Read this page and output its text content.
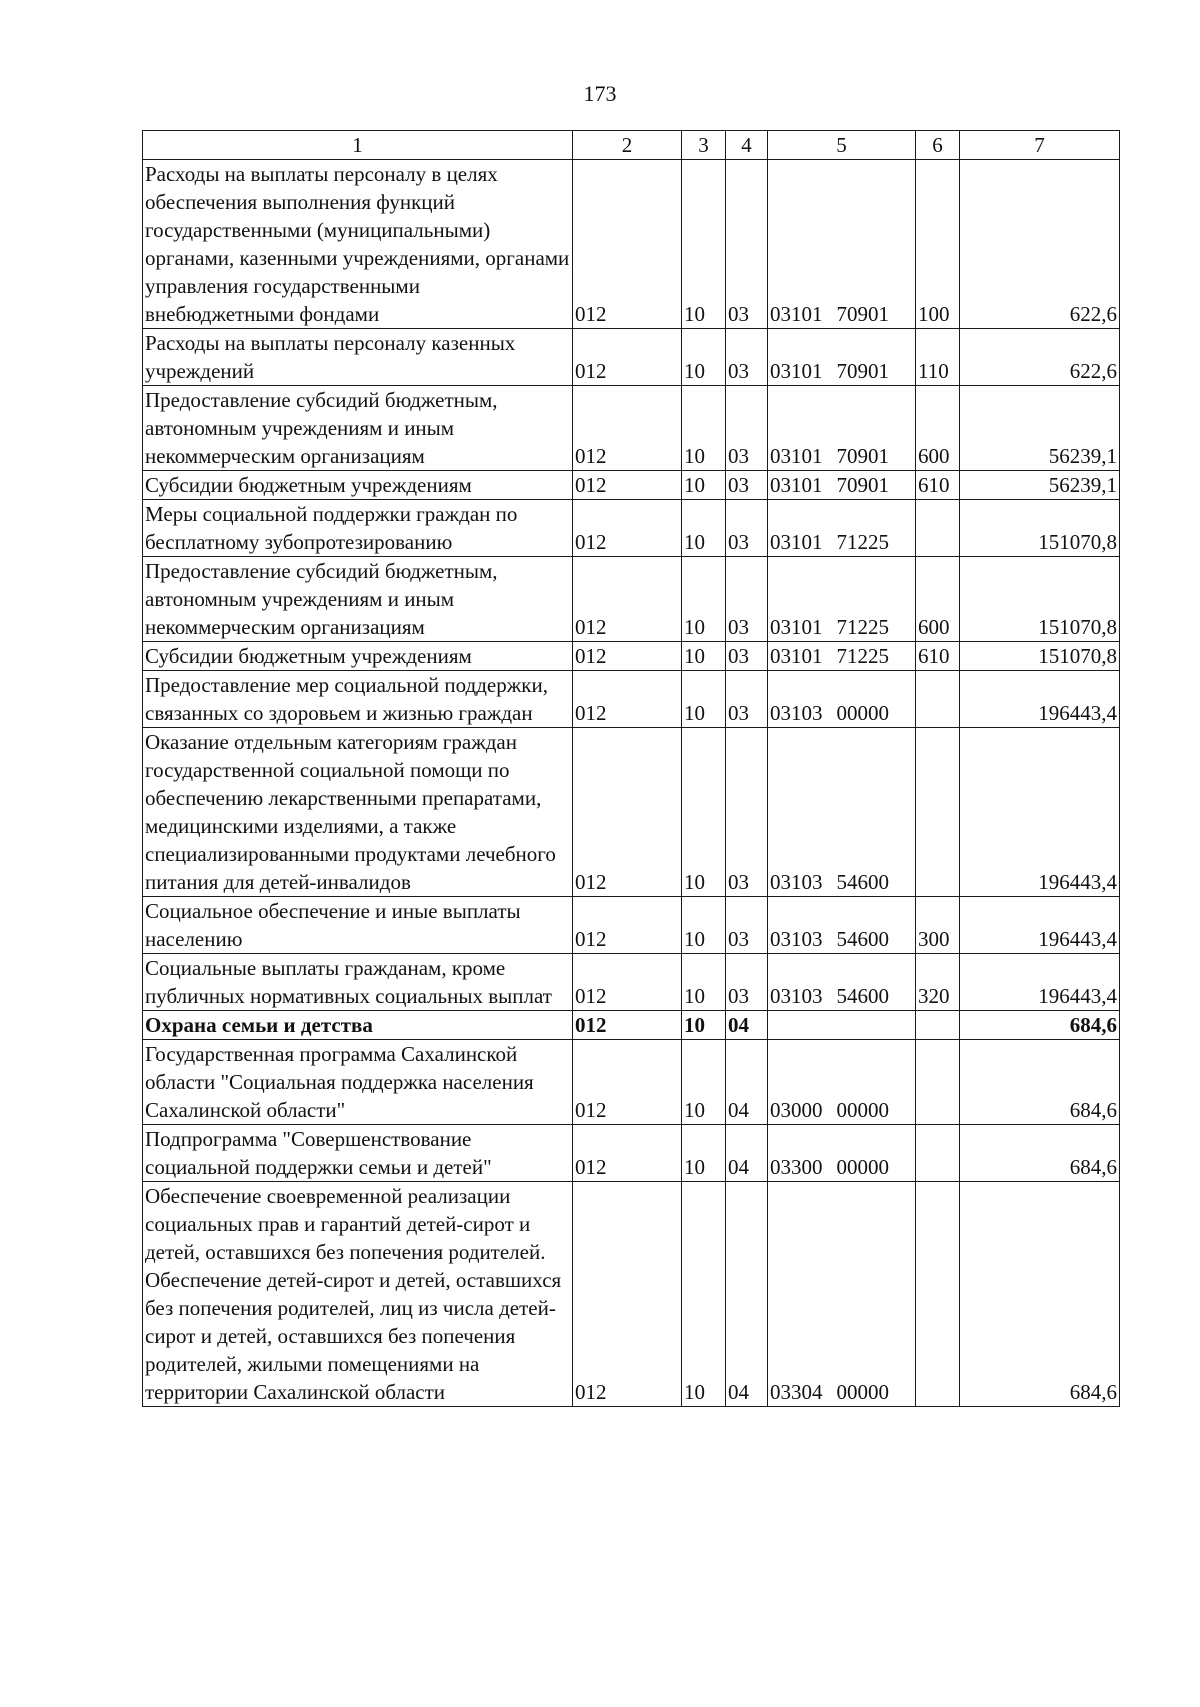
173
1	2	3	4	5	6	7
Расходы на выплаты персоналу в целях обеспечения выполнения функций государственными (муниципальными) органами, казенными учреждениями, органами управления государственными внебюджетными фондами	012	10	03	03101 70901	100	622,6
Расходы на выплаты персоналу казенных учреждений	012	10	03	03101 70901	110	622,6
Предоставление субсидий бюджетным, автономным учреждениям и иным некоммерческим организациям	012	10	03	03101 70901	600	56239,1
Субсидии бюджетным учреждениям	012	10	03	03101 70901	610	56239,1
Меры социальной поддержки граждан по бесплатному зубопротезированию	012	10	03	03101 71225		151070,8
Предоставление субсидий бюджетным, автономным учреждениям и иным некоммерческим организациям	012	10	03	03101 71225	600	151070,8
Субсидии бюджетным учреждениям	012	10	03	03101 71225	610	151070,8
Предоставление мер социальной поддержки, связанных со здоровьем и жизнью граждан	012	10	03	03103 00000		196443,4
Оказание отдельным категориям граждан государственной социальной помощи по обеспечению лекарственными препаратами, медицинскими изделиями, а также специализированными продуктами лечебного питания для детей-инвалидов	012	10	03	03103 54600		196443,4
Социальное обеспечение и иные выплаты населению	012	10	03	03103 54600	300	196443,4
Социальные выплаты гражданам, кроме публичных нормативных социальных выплат	012	10	03	03103 54600	320	196443,4
Охрана семьи и детства	012	10	04			684,6
Государственная программа Сахалинской области "Социальная поддержка населения Сахалинской области"	012	10	04	03000 00000		684,6
Подпрограмма "Совершенствование социальной поддержки семьи и детей"	012	10	04	03300 00000		684,6
Обеспечение своевременной реализации социальных прав и гарантий детей-сирот и детей, оставшихся без попечения родителей. Обеспечение детей-сирот и детей, оставшихся без попечения родителей, лиц из числа детей-сирот и детей, оставшихся без попечения родителей, жилыми помещениями на территории Сахалинской области	012	10	04	03304 00000		684,6
